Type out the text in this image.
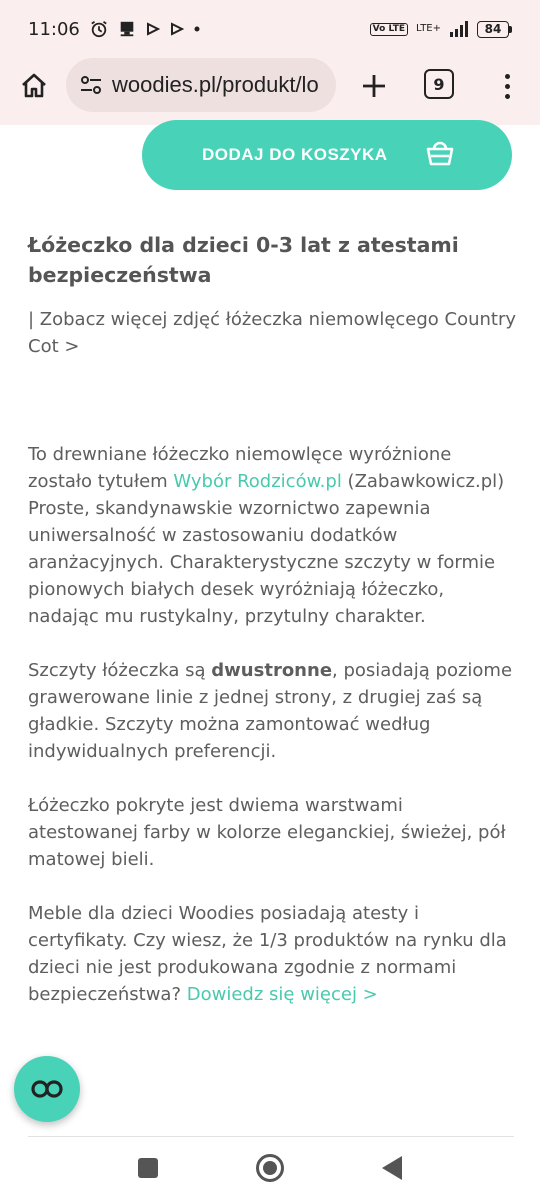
11:06	Vo LTE	LTE+	84
woodies.pl/produkt/lo	9
DODAJ DO KOSZYKA
Łóżeczko dla dzieci 0-3 lat z atestami bezpieczeństwa

| Zobacz więcej zdjęć łóżeczka niemowlęcego Country Cot >

To drewniane łóżeczko niemowlęce wyróżnione zostało tytułem Wybór Rodziców.pl (Zabawkowicz.pl) Proste, skandynawskie wzornictwo zapewnia uniwersalność w zastosowaniu dodatków aranżacyjnych. Charakterystyczne szczyty w formie pionowych białych desek wyróżniają łóżeczko, nadając mu rustykalny, przytulny charakter.

Szczyty łóżeczka są dwustronne, posiadają poziome grawerowane linie z jednej strony, z drugiej zaś są gładkie. Szczyty można zamontować według indywidualnych preferencji.

Łóżeczko pokryte jest dwiema warstwami atestowanej farby w kolorze eleganckiej, świeżej, pół matowej bieli.

Meble dla dzieci Woodies posiadają atesty i certyfikaty. Czy wiesz, że 1/3 produktów na rynku dla dzieci nie jest produkowana zgodnie z normami bezpieczeństwa? Dowiedz się więcej >
